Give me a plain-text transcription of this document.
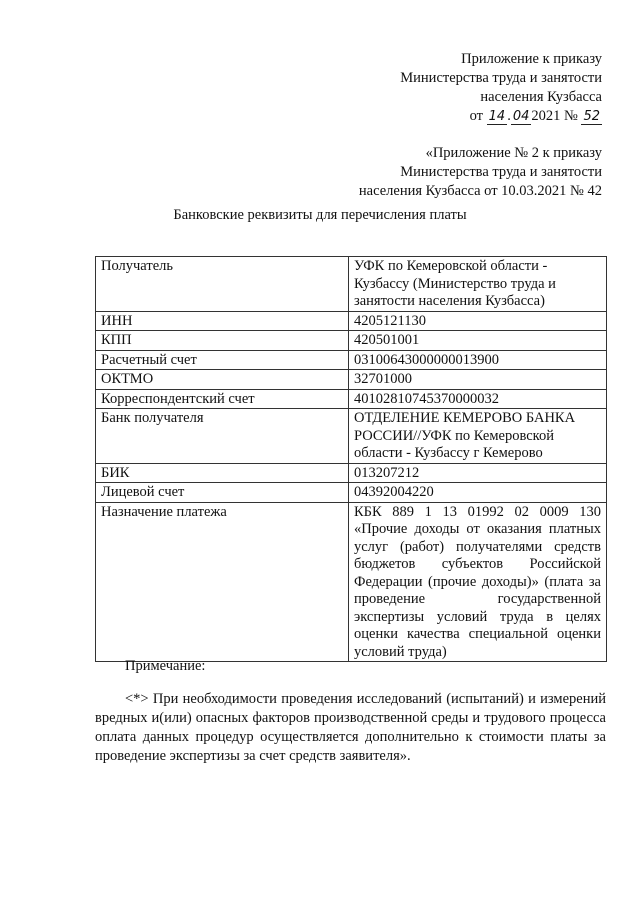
Приложение к приказу
Министерства труда и занятости
населения Кузбасса
от 14 . 04 2021 № 52
«Приложение № 2 к приказу
Министерства труда и занятости
населения Кузбасса от 10.03.2021 № 42
Банковские реквизиты для перечисления платы
Получатель	УФК по Кемеровской области - Кузбассу (Министерство труда и занятости населения Кузбасса)
ИНН	4205121130
КПП	420501001
Расчетный счет	03100643000000013900
ОКТМО	32701000
Корреспондентский счет	40102810745370000032
Банк получателя	ОТДЕЛЕНИЕ КЕМЕРОВО БАНКА РОССИИ//УФК по Кемеровской области - Кузбассу г Кемерово
БИК	013207212
Лицевой счет	04392004220
Назначение платежа	КБК 889 1 13 01992 02 0009 130 «Прочие доходы от оказания платных услуг (работ) получателями средств бюджетов субъектов Российской Федерации (прочие доходы)» (плата за проведение государственной экспертизы условий труда в целях оценки качества специальной оценки условий труда)
Примечание:

<*> При необходимости проведения исследований (испытаний) и измерений вредных и(или) опасных факторов производственной среды и трудового процесса оплата данных процедур осуществляется дополнительно к стоимости платы за проведение экспертизы за счет средств заявителя».
